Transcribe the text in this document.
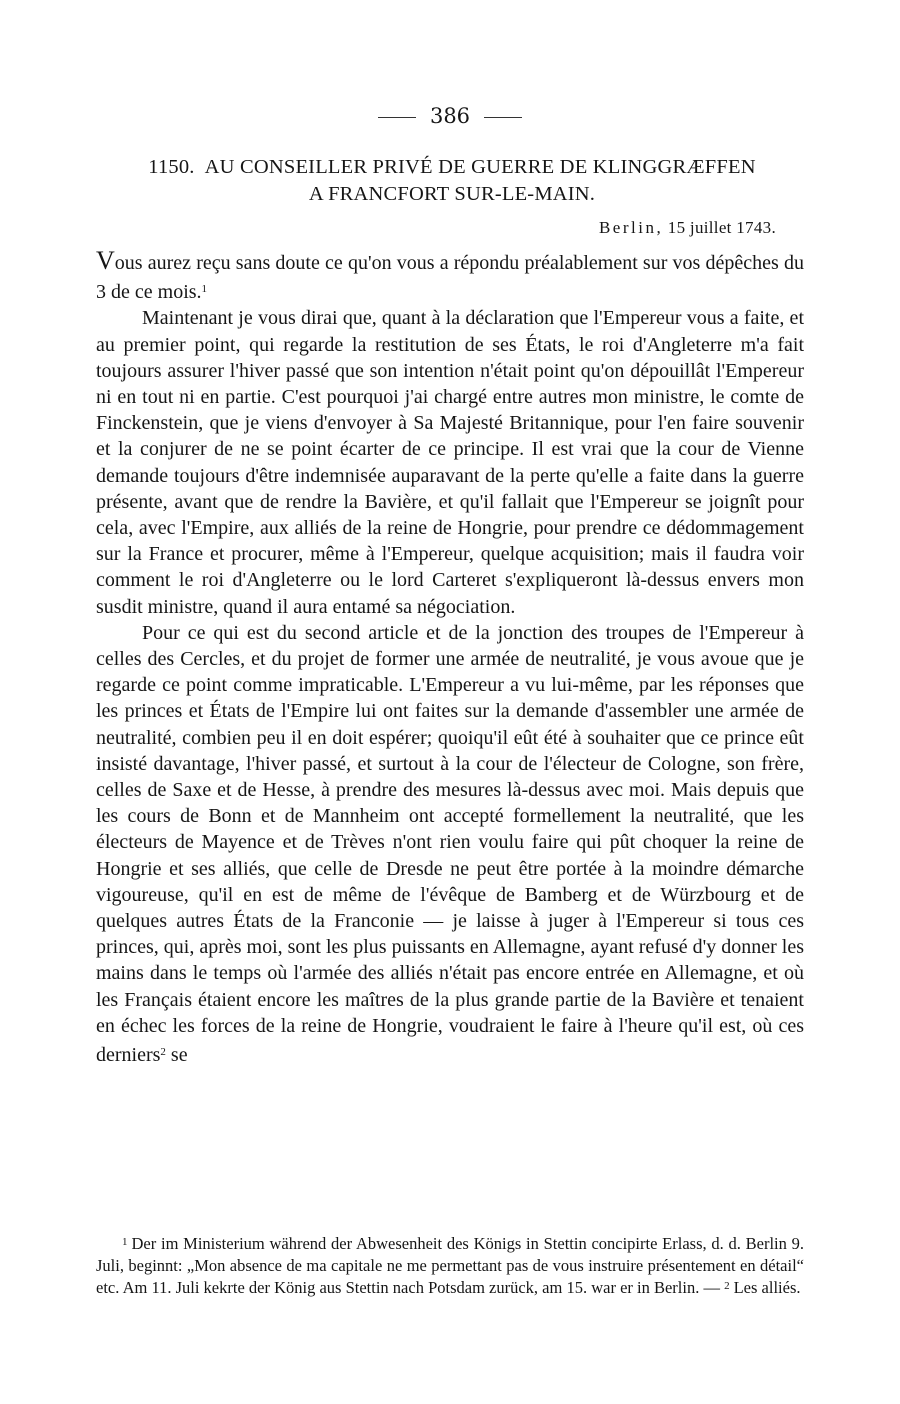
386
1150. AU CONSEILLER PRIVÉ DE GUERRE DE KLINGGRÆFFEN
A FRANCFORT SUR-LE-MAIN.
Berlin, 15 juillet 1743.

Vous aurez reçu sans doute ce qu'on vous a répondu préalablement sur vos dépêches du 3 de ce mois.$^1$

Maintenant je vous dirai que, quant à la déclaration que l'Empereur vous a faite, et au premier point, qui regarde la restitution de ses États, le roi d'Angleterre m'a fait toujours assurer l'hiver passé que son intention n'était point qu'on dépouillât l'Empereur ni en tout ni en partie. C'est pourquoi j'ai chargé entre autres mon ministre, le comte de Finckenstein, que je viens d'envoyer à Sa Majesté Britannique, pour l'en faire souvenir et la conjurer de ne se point écarter de ce principe. Il est vrai que la cour de Vienne demande toujours d'être indemnisée auparavant de la perte qu'elle a faite dans la guerre présente, avant que de rendre la Bavière, et qu'il fallait que l'Empereur se joignît pour cela, avec l'Empire, aux alliés de la reine de Hongrie, pour prendre ce dédommagement sur la France et procurer, même à l'Empereur, quelque acquisition; mais il faudra voir comment le roi d'Angleterre ou le lord Carteret s'expliqueront là-dessus envers mon susdit ministre, quand il aura entamé sa négociation.

Pour ce qui est du second article et de la jonction des troupes de l'Empereur à celles des Cercles, et du projet de former une armée de neutralité, je vous avoue que je regarde ce point comme impraticable. L'Empereur a vu lui-même, par les réponses que les princes et États de l'Empire lui ont faites sur la demande d'assembler une armée de neutralité, combien peu il en doit espérer; quoiqu'il eût été à souhaiter que ce prince eût insisté davantage, l'hiver passé, et surtout à la cour de l'électeur de Cologne, son frère, celles de Saxe et de Hesse, à prendre des mesures là-dessus avec moi. Mais depuis que les cours de Bonn et de Mannheim ont accepté formellement la neutralité, que les électeurs de Mayence et de Trèves n'ont rien voulu faire qui pût choquer la reine de Hongrie et ses alliés, que celle de Dresde ne peut être portée à la moindre démarche vigoureuse, qu'il en est de même de l'évêque de Bamberg et de Würzbourg et de quelques autres États de la Franconie — je laisse à juger à l'Empereur si tous ces princes, qui, après moi, sont les plus puissants en Allemagne, ayant refusé d'y donner les mains dans le temps où l'armée des alliés n'était pas encore entrée en Allemagne, et où les Français étaient encore les maîtres de la plus grande partie de la Bavière et tenaient en échec les forces de la reine de Hongrie, voudraient le faire à l'heure qu'il est, où ces derniers$^2$ se

$^1$ Der im Ministerium während der Abwesenheit des Königs in Stettin concipirte Erlass, d. d. Berlin 9. Juli, beginnt: „Mon absence de ma capitale ne me permettant pas de vous instruire présentement en détail“ etc. Am 11. Juli kekrte der König aus Stettin nach Potsdam zurück, am 15. war er in Berlin. — $^2$ Les alliés.
